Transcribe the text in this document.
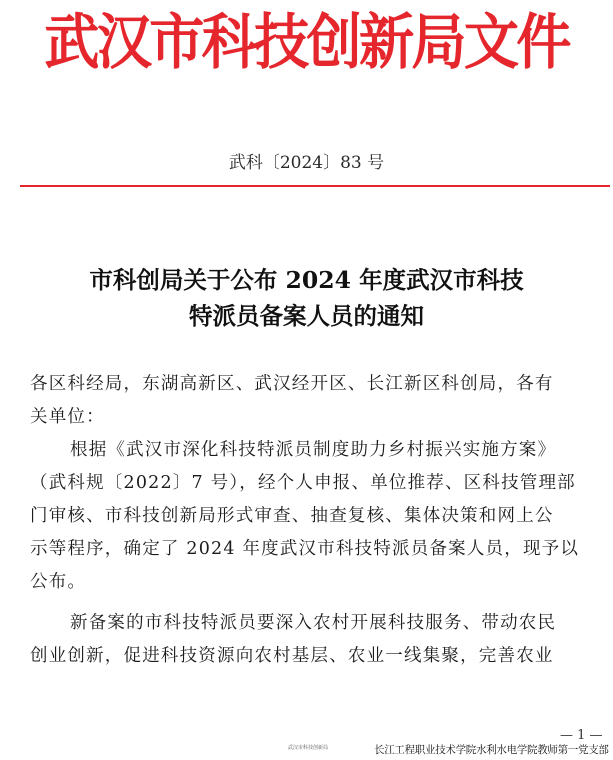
武汉市科技创新局文件
武科〔2024〕83 号
市科创局关于公布 2024 年度武汉市科技
特派员备案人员的通知
各区科经局，东湖高新区、武汉经开区、长江新区科创局，各有
关单位：
根据《武汉市深化科技特派员制度助力乡村振兴实施方案》
（武科规〔2022〕7 号），经个人申报、单位推荐、区科技管理部
门审核、市科技创新局形式审查、抽查复核、集体决策和网上公
示等程序，确定了 2024 年度武汉市科技特派员备案人员，现予以
公布。
新备案的市科技特派员要深入农村开展科技服务、带动农民
创业创新，促进科技资源向农村基层、农业一线集聚，完善农业
— 1 —
武汉市科技创新局	长江工程职业技术学院水利水电学院教师第一党支部
